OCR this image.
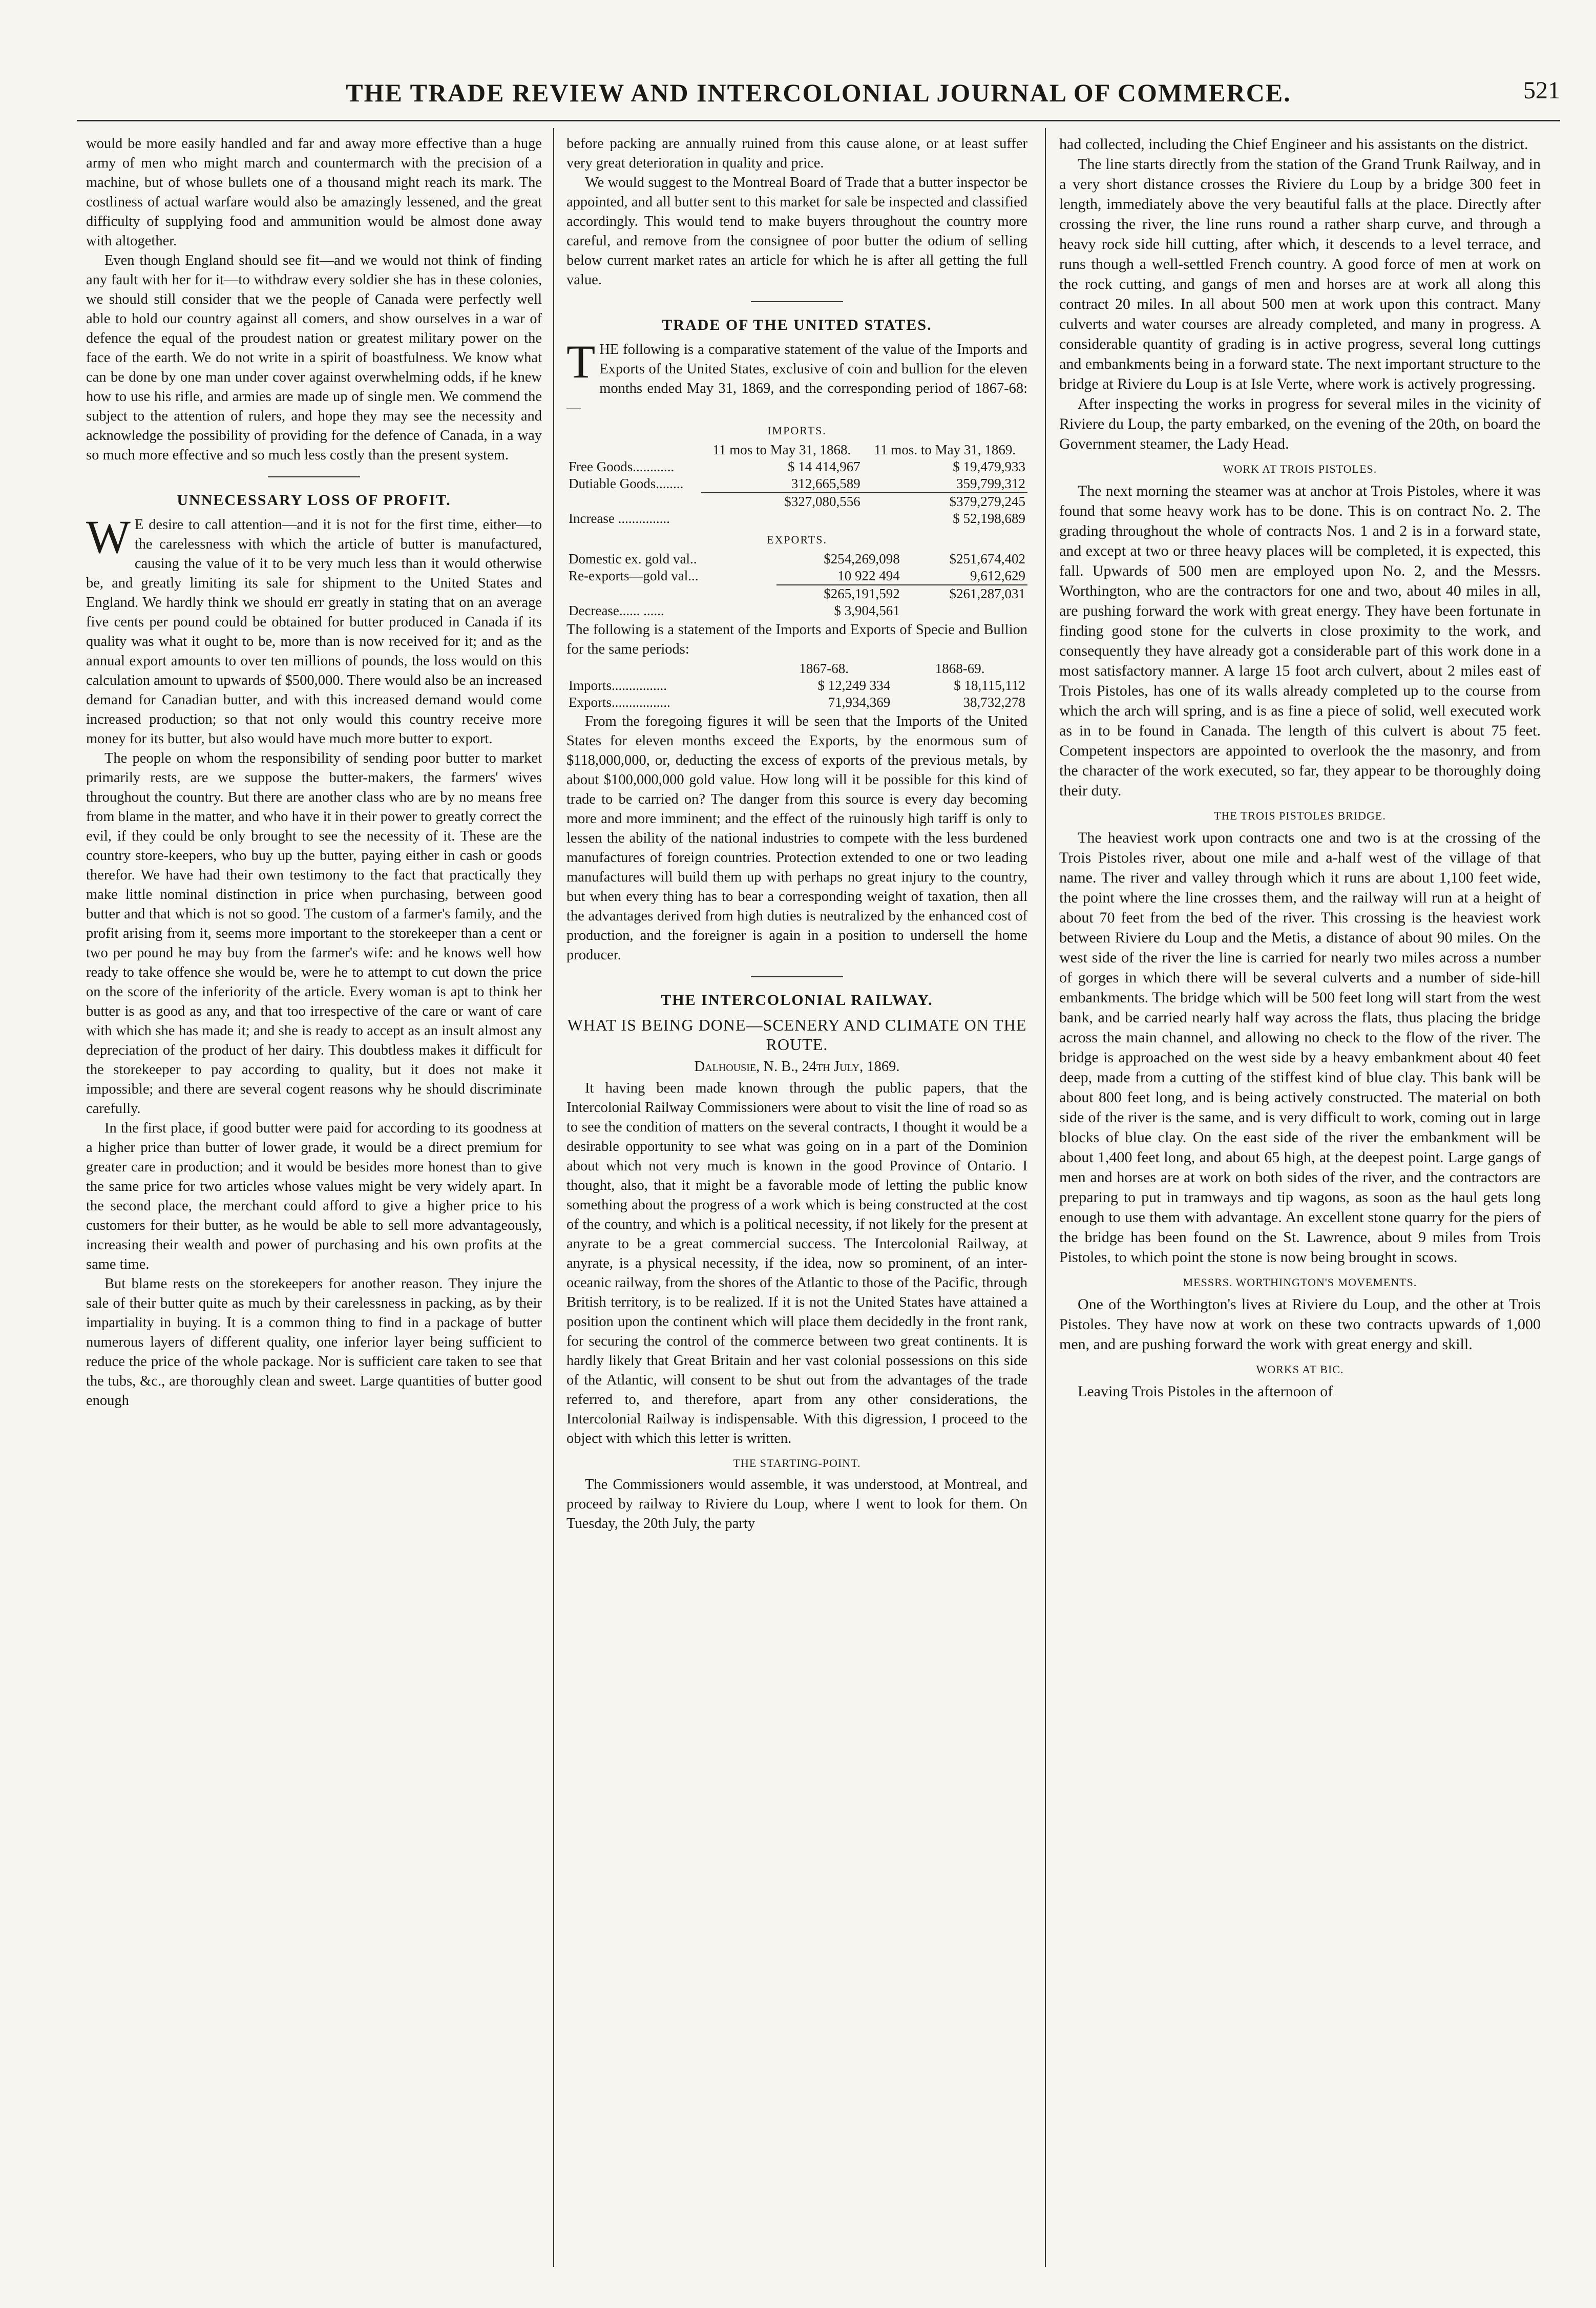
THE TRADE REVIEW AND INTERCOLONIAL JOURNAL OF COMMERCE.	521

would be more easily handled and far and away more effective than a huge army of men who might march and countermarch with the precision of a machine, but of whose bullets one of a thousand might reach its mark. The costliness of actual warfare would also be amazingly lessened, and the great difficulty of supplying food and ammunition would be almost done away with altogether.

Even though England should see fit—and we would not think of finding any fault with her for it—to withdraw every soldier she has in these colonies, we should still consider that we the people of Canada were perfectly well able to hold our country against all comers, and show ourselves in a war of defence the equal of the proudest nation or greatest military power on the face of the earth. We do not write in a spirit of boastfulness. We know what can be done by one man under cover against overwhelming odds, if he knew how to use his rifle, and armies are made up of single men. We commend the subject to the attention of rulers, and hope they may see the necessity and acknowledge the possibility of providing for the defence of Canada, in a way so much more effective and so much less costly than the present system.

UNNECESSARY LOSS OF PROFIT.

W E desire to call attention—and it is not for the first time, either—to the carelessness with which the article of butter is manufactured, causing the value of it to be very much less than it would otherwise be, and greatly limiting its sale for shipment to the United States and England. We hardly think we should err greatly in stating that on an average five cents per pound could be obtained for butter produced in Canada if its quality was what it ought to be, more than is now received for it; and as the annual export amounts to over ten millions of pounds, the loss would on this calculation amount to upwards of $500,000. There would also be an increased demand for Canadian butter, and with this increased demand would come increased production; so that not only would this country receive more money for its butter, but also would have much more butter to export.

The people on whom the responsibility of sending poor butter to market primarily rests, are we suppose the butter-makers, the farmers' wives throughout the country. But there are another class who are by no means free from blame in the matter, and who have it in their power to greatly correct the evil, if they could be only brought to see the necessity of it. These are the country store-keepers, who buy up the butter, paying either in cash or goods therefor. We have had their own testimony to the fact that practically they make little nominal distinction in price when purchasing, between good butter and that which is not so good. The custom of a farmer's family, and the profit arising from it, seems more important to the storekeeper than a cent or two per pound he may buy from the farmer's wife: and he knows well how ready to take offence she would be, were he to attempt to cut down the price on the score of the inferiority of the article. Every woman is apt to think her butter is as good as any, and that too irrespective of the care or want of care with which she has made it; and she is ready to accept as an insult almost any depreciation of the product of her dairy. This doubtless makes it difficult for the storekeeper to pay according to quality, but it does not make it impossible; and there are several cogent reasons why he should discriminate carefully.

In the first place, if good butter were paid for according to its goodness at a higher price than butter of lower grade, it would be a direct premium for greater care in production; and it would be besides more honest than to give the same price for two articles whose values might be very widely apart. In the second place, the merchant could afford to give a higher price to his customers for their butter, as he would be able to sell more advantageously, increasing their wealth and power of purchasing and his own profits at the same time.

But blame rests on the storekeepers for another reason. They injure the sale of their butter quite as much by their carelessness in packing, as by their impartiality in buying. It is a common thing to find in a package of butter numerous layers of different quality, one inferior layer being sufficient to reduce the price of the whole package. Nor is sufficient care taken to see that the tubs, &c., are thoroughly clean and sweet. Large quantities of butter good enough

before packing are annually ruined from this cause alone, or at least suffer very great deterioration in quality and price.

We would suggest to the Montreal Board of Trade that a butter inspector be appointed, and all butter sent to this market for sale be inspected and classified accordingly. This would tend to make buyers throughout the country more careful, and remove from the consignee of poor butter the odium of selling below current market rates an article for which he is after all getting the full value.

TRADE OF THE UNITED STATES.

THE following is a comparative statement of the value of the Imports and Exports of the United States, exclusive of coin and bullion for the eleven months ended May 31, 1869, and the corresponding period of 1867-68:—

IMPORTS.
	11 mos to May 31, 1868.	11 mos. to May 31, 1869.
Free Goods............	$ 14 414,967	$ 19,479,933
Dutiable Goods........	312,665,589	359,799,312
	$327,080,556	$379,279,245
Increase ...............		$ 52,198,689
EXPORTS.
Domestic ex. gold val..	$254,269,098	$251,674,402
Re-exports—gold val...	10 922 494	9,612,629
	$265,191,592	$261,287,031
Decrease...... ......	$ 3,904,561	

The following is a statement of the Imports and Exports of Specie and Bullion for the same periods:

	1867-68.	1868-69.
Imports................	$ 12,249 334	$ 18,115,112
Exports.................	71,934,369	38,732,278

From the foregoing figures it will be seen that the Imports of the United States for eleven months exceed the Exports, by the enormous sum of $118,000,000, or, deducting the excess of exports of the previous metals, by about $100,000,000 gold value. How long will it be possible for this kind of trade to be carried on? The danger from this source is every day becoming more and more imminent; and the effect of the ruinously high tariff is only to lessen the ability of the national industries to compete with the less burdened manufactures of foreign countries. Protection extended to one or two leading manufactures will build them up with perhaps no great injury to the country, but when every thing has to bear a corresponding weight of taxation, then all the advantages derived from high duties is neutralized by the enhanced cost of production, and the foreigner is again in a position to undersell the home producer.

THE INTERCOLONIAL RAILWAY.
WHAT IS BEING DONE—SCENERY AND CLIMATE ON THE ROUTE.
Dalhousie, N. B., 24th July, 1869.

It having been made known through the public papers, that the Intercolonial Railway Commissioners were about to visit the line of road so as to see the condition of matters on the several contracts, I thought it would be a desirable opportunity to see what was going on in a part of the Dominion about which not very much is known in the good Province of Ontario. I thought, also, that it might be a favorable mode of letting the public know something about the progress of a work which is being constructed at the cost of the country, and which is a political necessity, if not likely for the present at anyrate to be a great commercial success. The Intercolonial Railway, at anyrate, is a physical necessity, if the idea, now so prominent, of an inter-oceanic railway, from the shores of the Atlantic to those of the Pacific, through British territory, is to be realized. If it is not the United States have attained a position upon the continent which will place them decidedly in the front rank, for securing the control of the commerce between two great continents. It is hardly likely that Great Britain and her vast colonial possessions on this side of the Atlantic, will consent to be shut out from the advantages of the trade referred to, and therefore, apart from any other considerations, the Intercolonial Railway is indispensable. With this digression, I proceed to the object with which this letter is written.

THE STARTING-POINT.

The Commissioners would assemble, it was understood, at Montreal, and proceed by railway to Riviere du Loup, where I went to look for them. On Tuesday, the 20th July, the party

had collected, including the Chief Engineer and his assistants on the district.

The line starts directly from the station of the Grand Trunk Railway, and in a very short distance crosses the Riviere du Loup by a bridge 300 feet in length, immediately above the very beautiful falls at the place. Directly after crossing the river, the line runs round a rather sharp curve, and through a heavy rock side hill cutting, after which, it descends to a level terrace, and runs though a well-settled French country. A good force of men at work on the rock cutting, and gangs of men and horses are at work all along this contract 20 miles. In all about 500 men at work upon this contract. Many culverts and water courses are already completed, and many in progress. A considerable quantity of grading is in active progress, several long cuttings and embankments being in a forward state. The next important structure to the bridge at Riviere du Loup is at Isle Verte, where work is actively progressing.

After inspecting the works in progress for several miles in the vicinity of Riviere du Loup, the party embarked, on the evening of the 20th, on board the Government steamer, the Lady Head.

WORK AT TROIS PISTOLES.

The next morning the steamer was at anchor at Trois Pistoles, where it was found that some heavy work has to be done. This is on contract No. 2. The grading throughout the whole of contracts Nos. 1 and 2 is in a forward state, and except at two or three heavy places will be completed, it is expected, this fall. Upwards of 500 men are employed upon No. 2, and the Messrs. Worthington, who are the contractors for one and two, about 40 miles in all, are pushing forward the work with great energy. They have been fortunate in finding good stone for the culverts in close proximity to the work, and consequently they have already got a considerable part of this work done in a most satisfactory manner. A large 15 foot arch culvert, about 2 miles east of Trois Pistoles, has one of its walls already completed up to the course from which the arch will spring, and is as fine a piece of solid, well executed work as in to be found in Canada. The length of this culvert is about 75 feet. Competent inspectors are appointed to overlook the the masonry, and from the character of the work executed, so far, they appear to be thoroughly doing their duty.

THE TROIS PISTOLES BRIDGE.

The heaviest work upon contracts one and two is at the crossing of the Trois Pistoles river, about one mile and a-half west of the village of that name. The river and valley through which it runs are about 1,100 feet wide, the point where the line crosses them, and the railway will run at a height of about 70 feet from the bed of the river. This crossing is the heaviest work between Riviere du Loup and the Metis, a distance of about 90 miles. On the west side of the river the line is carried for nearly two miles across a number of gorges in which there will be several culverts and a number of side-hill embankments. The bridge which will be 500 feet long will start from the west bank, and be carried nearly half way across the flats, thus placing the bridge across the main channel, and allowing no check to the flow of the river. The bridge is approached on the west side by a heavy embankment about 40 feet deep, made from a cutting of the stiffest kind of blue clay. This bank will be about 800 feet long, and is being actively constructed. The material on both side of the river is the same, and is very difficult to work, coming out in large blocks of blue clay. On the east side of the river the embankment will be about 1,400 feet long, and about 65 high, at the deepest point. Large gangs of men and horses are at work on both sides of the river, and the contractors are preparing to put in tramways and tip wagons, as soon as the haul gets long enough to use them with advantage. An excellent stone quarry for the piers of the bridge has been found on the St. Lawrence, about 9 miles from Trois Pistoles, to which point the stone is now being brought in scows.

MESSRS. WORTHINGTON'S MOVEMENTS.

One of the Worthington's lives at Riviere du Loup, and the other at Trois Pistoles. They have now at work on these two contracts upwards of 1,000 men, and are pushing forward the work with great energy and skill.

WORKS AT BIC.

Leaving Trois Pistoles in the afternoon of
